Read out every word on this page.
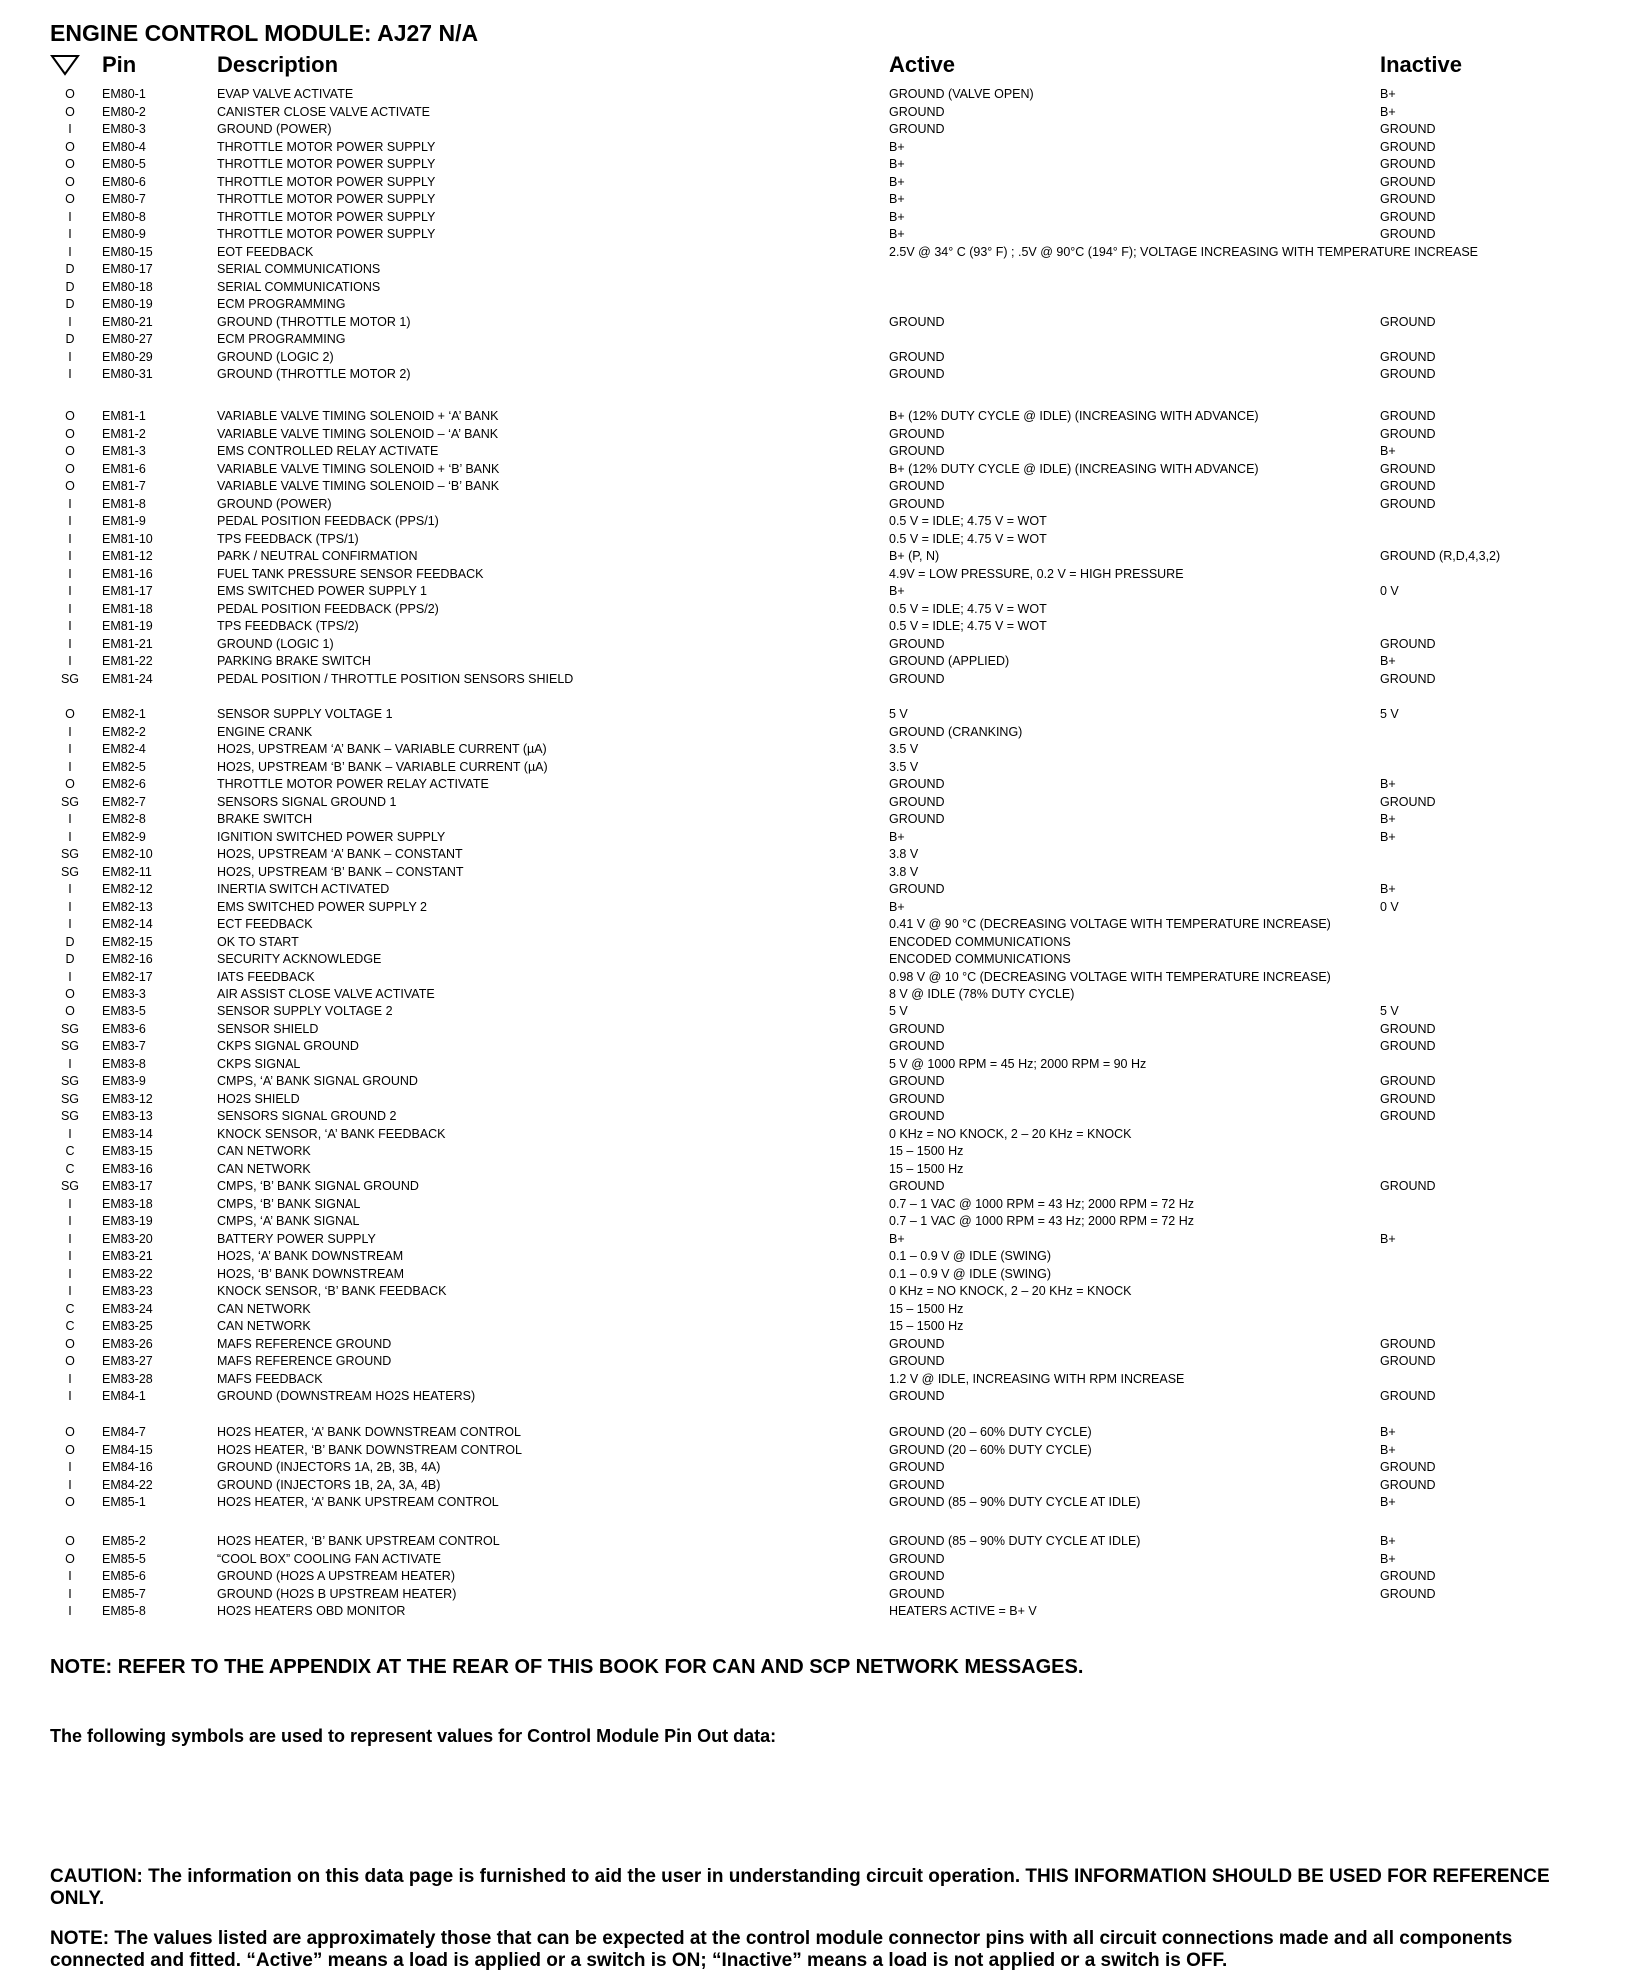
ENGINE CONTROL MODULE: AJ27 N/A
Pin	Description	Active	Inactive
O	EM80-1	EVAP VALVE ACTIVATE	GROUND (VALVE OPEN)	B+
O	EM80-2	CANISTER CLOSE VALVE ACTIVATE	GROUND	B+
I	EM80-3	GROUND (POWER)	GROUND	GROUND
O	EM80-4	THROTTLE MOTOR POWER SUPPLY	B+	GROUND
O	EM80-5	THROTTLE MOTOR POWER SUPPLY	B+	GROUND
O	EM80-6	THROTTLE MOTOR POWER SUPPLY	B+	GROUND
O	EM80-7	THROTTLE MOTOR POWER SUPPLY	B+	GROUND
I	EM80-8	THROTTLE MOTOR POWER SUPPLY	B+	GROUND
I	EM80-9	THROTTLE MOTOR POWER SUPPLY	B+	GROUND
I	EM80-15	EOT FEEDBACK	2.5V @ 34° C (93° F) ; .5V @ 90°C (194° F); VOLTAGE INCREASING WITH TEMPERATURE INCREASE
D	EM80-17	SERIAL COMMUNICATIONS
D	EM80-18	SERIAL COMMUNICATIONS
D	EM80-19	ECM PROGRAMMING
I	EM80-21	GROUND (THROTTLE MOTOR 1)	GROUND	GROUND
D	EM80-27	ECM PROGRAMMING
I	EM80-29	GROUND (LOGIC 2)	GROUND	GROUND
I	EM80-31	GROUND (THROTTLE MOTOR 2)	GROUND	GROUND
O	EM81-1	VARIABLE VALVE TIMING SOLENOID + ‘A’ BANK	B+ (12% DUTY CYCLE @ IDLE) (INCREASING WITH ADVANCE)	GROUND
O	EM81-2	VARIABLE VALVE TIMING SOLENOID – ‘A’ BANK	GROUND	GROUND
O	EM81-3	EMS CONTROLLED RELAY ACTIVATE	GROUND	B+
O	EM81-6	VARIABLE VALVE TIMING SOLENOID + ‘B’ BANK	B+ (12% DUTY CYCLE @ IDLE) (INCREASING WITH ADVANCE)	GROUND
O	EM81-7	VARIABLE VALVE TIMING SOLENOID – ‘B’ BANK	GROUND	GROUND
I	EM81-8	GROUND (POWER)	GROUND	GROUND
I	EM81-9	PEDAL POSITION FEEDBACK (PPS/1)	0.5 V = IDLE; 4.75 V = WOT
I	EM81-10	TPS FEEDBACK (TPS/1)	0.5 V = IDLE; 4.75 V = WOT
I	EM81-12	PARK / NEUTRAL CONFIRMATION	B+ (P, N)	GROUND (R,D,4,3,2)
I	EM81-16	FUEL TANK PRESSURE SENSOR FEEDBACK	4.9V = LOW PRESSURE, 0.2 V = HIGH PRESSURE
I	EM81-17	EMS SWITCHED POWER SUPPLY 1	B+	0 V
I	EM81-18	PEDAL POSITION FEEDBACK (PPS/2)	0.5 V = IDLE; 4.75 V = WOT
I	EM81-19	TPS FEEDBACK (TPS/2)	0.5 V = IDLE; 4.75 V = WOT
I	EM81-21	GROUND (LOGIC 1)	GROUND	GROUND
I	EM81-22	PARKING BRAKE SWITCH	GROUND (APPLIED)	B+
SG EM81-24	PEDAL POSITION / THROTTLE POSITION SENSORS SHIELD	GROUND	GROUND
O	EM82-1	SENSOR SUPPLY VOLTAGE 1	5 V	5 V
I	EM82-2	ENGINE CRANK	GROUND (CRANKING)
I	EM82-4	HO2S, UPSTREAM ‘A’ BANK – VARIABLE CURRENT (µA)	3.5 V
I	EM82-5	HO2S, UPSTREAM ‘B’ BANK – VARIABLE CURRENT (µA)	3.5 V
O	EM82-6	THROTTLE MOTOR POWER RELAY ACTIVATE	GROUND	B+
SG EM82-7	SENSORS SIGNAL GROUND 1	GROUND	GROUND
I	EM82-8	BRAKE SWITCH	GROUND	B+
I	EM82-9	IGNITION SWITCHED POWER SUPPLY	B+	B+
SG EM82-10	HO2S, UPSTREAM ‘A’ BANK – CONSTANT	3.8 V
SG EM82-11	HO2S, UPSTREAM ‘B’ BANK – CONSTANT	3.8 V
I	EM82-12	INERTIA SWITCH ACTIVATED	GROUND	B+
I	EM82-13	EMS SWITCHED POWER SUPPLY 2	B+	0 V
I	EM82-14	ECT FEEDBACK	0.41 V @ 90 °C (DECREASING VOLTAGE WITH TEMPERATURE INCREASE)
D	EM82-15	OK TO START	ENCODED COMMUNICATIONS
D	EM82-16	SECURITY ACKNOWLEDGE	ENCODED COMMUNICATIONS
I	EM82-17	IATS FEEDBACK	0.98 V @ 10 °C (DECREASING VOLTAGE WITH TEMPERATURE INCREASE)
O	EM83-3	AIR ASSIST CLOSE VALVE ACTIVATE	8 V @ IDLE (78% DUTY CYCLE)
O	EM83-5	SENSOR SUPPLY VOLTAGE 2	5 V	5 V
SG EM83-6	SENSOR SHIELD	GROUND	GROUND
SG EM83-7	CKPS SIGNAL GROUND	GROUND	GROUND
I	EM83-8	CKPS SIGNAL	5 V @ 1000 RPM = 45 Hz; 2000 RPM = 90 Hz
SG EM83-9	CMPS, ‘A’ BANK SIGNAL GROUND	GROUND	GROUND
SG EM83-12	HO2S SHIELD	GROUND	GROUND
SG EM83-13	SENSORS SIGNAL GROUND 2	GROUND	GROUND
I	EM83-14	KNOCK SENSOR, ‘A’ BANK FEEDBACK	0 KHz = NO KNOCK, 2 – 20 KHz = KNOCK
C	EM83-15	CAN NETWORK	15 – 1500 Hz
C	EM83-16	CAN NETWORK	15 – 1500 Hz
SG EM83-17	CMPS, ‘B’ BANK SIGNAL GROUND	GROUND	GROUND
I	EM83-18	CMPS, ‘B’ BANK SIGNAL	0.7 – 1 VAC @ 1000 RPM = 43 Hz; 2000 RPM = 72 Hz
I	EM83-19	CMPS, ‘A’ BANK SIGNAL	0.7 – 1 VAC @ 1000 RPM = 43 Hz; 2000 RPM = 72 Hz
I	EM83-20	BATTERY POWER SUPPLY	B+	B+
I	EM83-21	HO2S, ‘A’ BANK DOWNSTREAM	0.1 – 0.9 V @ IDLE (SWING)
I	EM83-22	HO2S, ‘B’ BANK DOWNSTREAM	0.1 – 0.9 V @ IDLE (SWING)
I	EM83-23	KNOCK SENSOR, ‘B’ BANK FEEDBACK	0 KHz = NO KNOCK, 2 – 20 KHz = KNOCK
C	EM83-24	CAN NETWORK	15 – 1500 Hz
C	EM83-25	CAN NETWORK	15 – 1500 Hz
O	EM83-26	MAFS REFERENCE GROUND	GROUND	GROUND
O	EM83-27	MAFS REFERENCE GROUND	GROUND	GROUND
I	EM83-28	MAFS FEEDBACK	1.2 V @ IDLE, INCREASING WITH RPM INCREASE
I	EM84-1	GROUND (DOWNSTREAM HO2S HEATERS)	GROUND	GROUND
O	EM84-7	HO2S HEATER, ‘A’ BANK DOWNSTREAM CONTROL	GROUND (20 – 60% DUTY CYCLE)	B+
O	EM84-15	HO2S HEATER, ‘B’ BANK DOWNSTREAM CONTROL	GROUND (20 – 60% DUTY CYCLE)	B+
I	EM84-16	GROUND (INJECTORS 1A, 2B, 3B, 4A)	GROUND	GROUND
I	EM84-22	GROUND (INJECTORS 1B, 2A, 3A, 4B)	GROUND	GROUND
O	EM85-1	HO2S HEATER, ‘A’ BANK UPSTREAM CONTROL	GROUND (85 – 90% DUTY CYCLE AT IDLE)	B+
O	EM85-2	HO2S HEATER, ‘B’ BANK UPSTREAM CONTROL	GROUND (85 – 90% DUTY CYCLE AT IDLE)	B+
O	EM85-5	“COOL BOX” COOLING FAN ACTIVATE	GROUND	B+
I	EM85-6	GROUND (HO2S A UPSTREAM HEATER)	GROUND	GROUND
I	EM85-7	GROUND (HO2S B UPSTREAM HEATER)	GROUND	GROUND
I	EM85-8	HO2S HEATERS OBD MONITOR	HEATERS ACTIVE = B+ V
NOTE: REFER TO THE APPENDIX AT THE REAR OF THIS BOOK FOR CAN AND SCP NETWORK MESSAGES.
The following symbols are used to represent values for Control Module Pin Out data:
CAUTION: The information on this data page is furnished to aid the user in understanding circuit operation. THIS INFORMATION SHOULD BE USED FOR REFERENCE ONLY.
NOTE: The values listed are approximately those that can be expected at the control module connector pins with all circuit connections made and all components connected and fitted. “Active” means a load is applied or a switch is ON; “Inactive” means a load is not applied or a switch is OFF.
